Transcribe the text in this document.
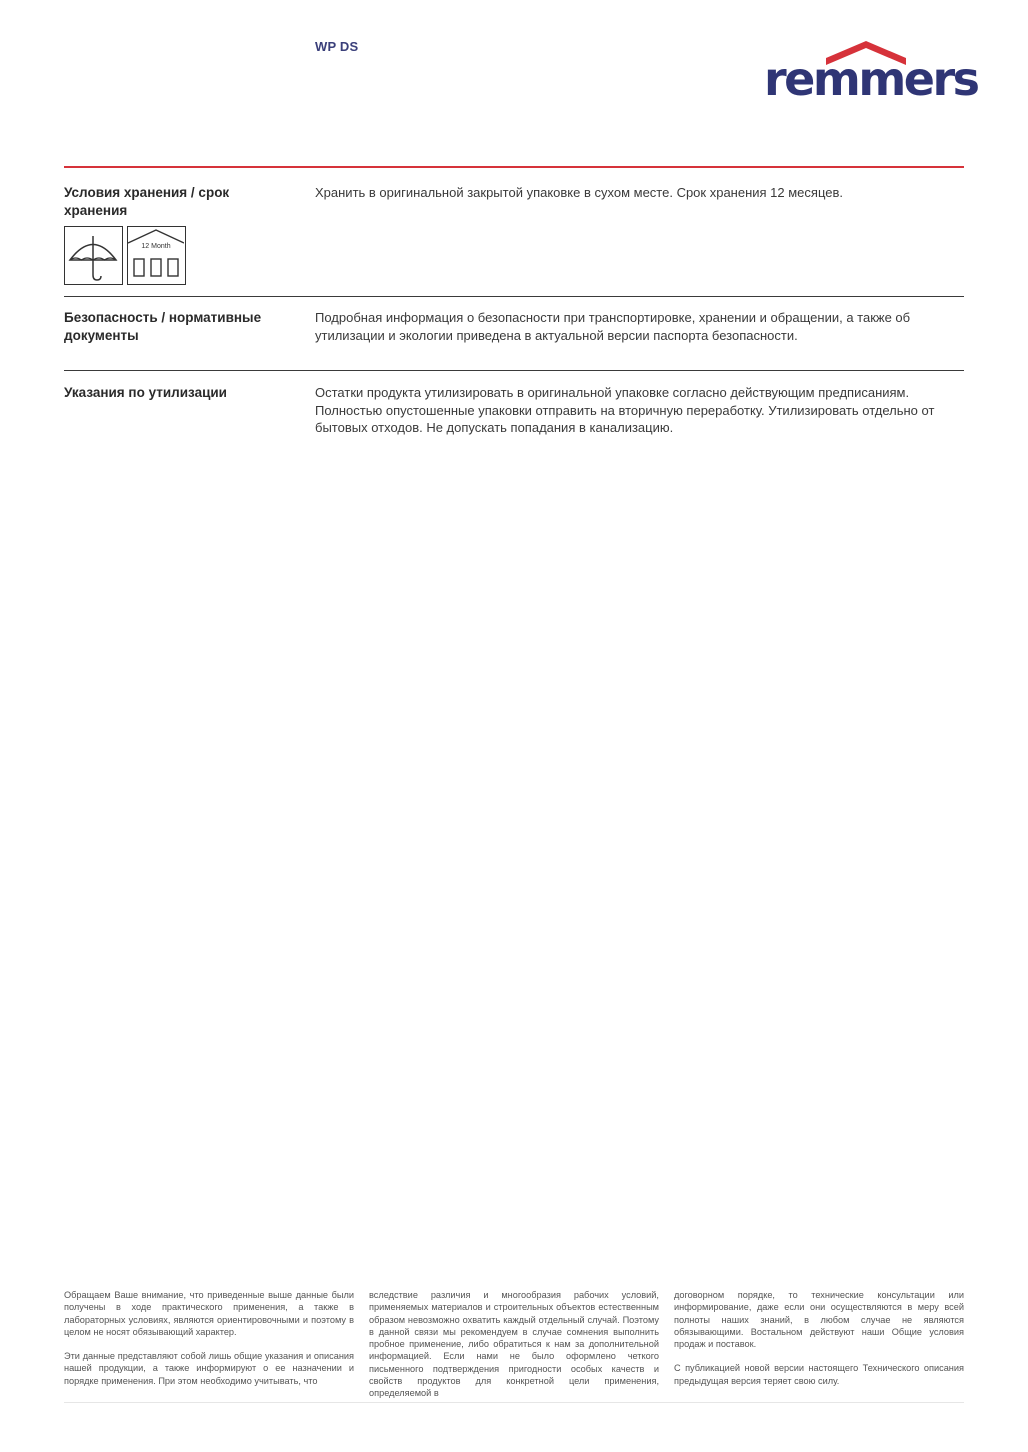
WP DS
remmers
Условия хранения / срок хранения
Хранить в оригинальной закрытой упаковке в сухом месте. Срок хранения 12 месяцев.
12 Month
Безопасность / нормативные документы
Подробная информация о безопасности при транспортировке, хранении и обращении, а также об утилизации и экологии приведена в актуальной версии паспорта безопасности.
Указания по утилизации	Остатки продукта утилизировать в оригинальной упаковке согласно действующим предписаниям. Полностью опустошенные упаковки отправить на вторичную переработку. Утилизировать отдельно от бытовых отходов. Не допускать попадания в канализацию.

Обращаем Ваше внимание, что приведенные выше данные были получены в ходе практического применения, а также в лабораторных условиях, являются ориентировочными и поэтому в целом не носят обязывающий характер.

Эти данные представляют собой лишь общие указания и описания нашей продукции, а также информируют о ее назначении и порядке применения. При этом необходимо учитывать, что

вследствие различия и многообразия рабочих условий, применяемых материалов и строительных объектов естественным образом невозможно охватить каждый отдельный случай. Поэтому в данной связи мы рекомендуем в случае сомнения выполнить пробное применение, либо обратиться к нам за дополнительной информацией. Если нами не было оформлено четкого письменного подтверждения пригодности особых качеств и свойств продуктов для конкретной цели применения, определяемой в

договорном порядке, то технические консультации или информирование, даже если они осуществляются в меру всей полноты наших знаний, в любом случае не являются обязывающими. Востальном действуют наши Общие условия продаж и поставок.

С публикацией новой версии настоящего Технического описания предыдущая версия теряет свою силу.
